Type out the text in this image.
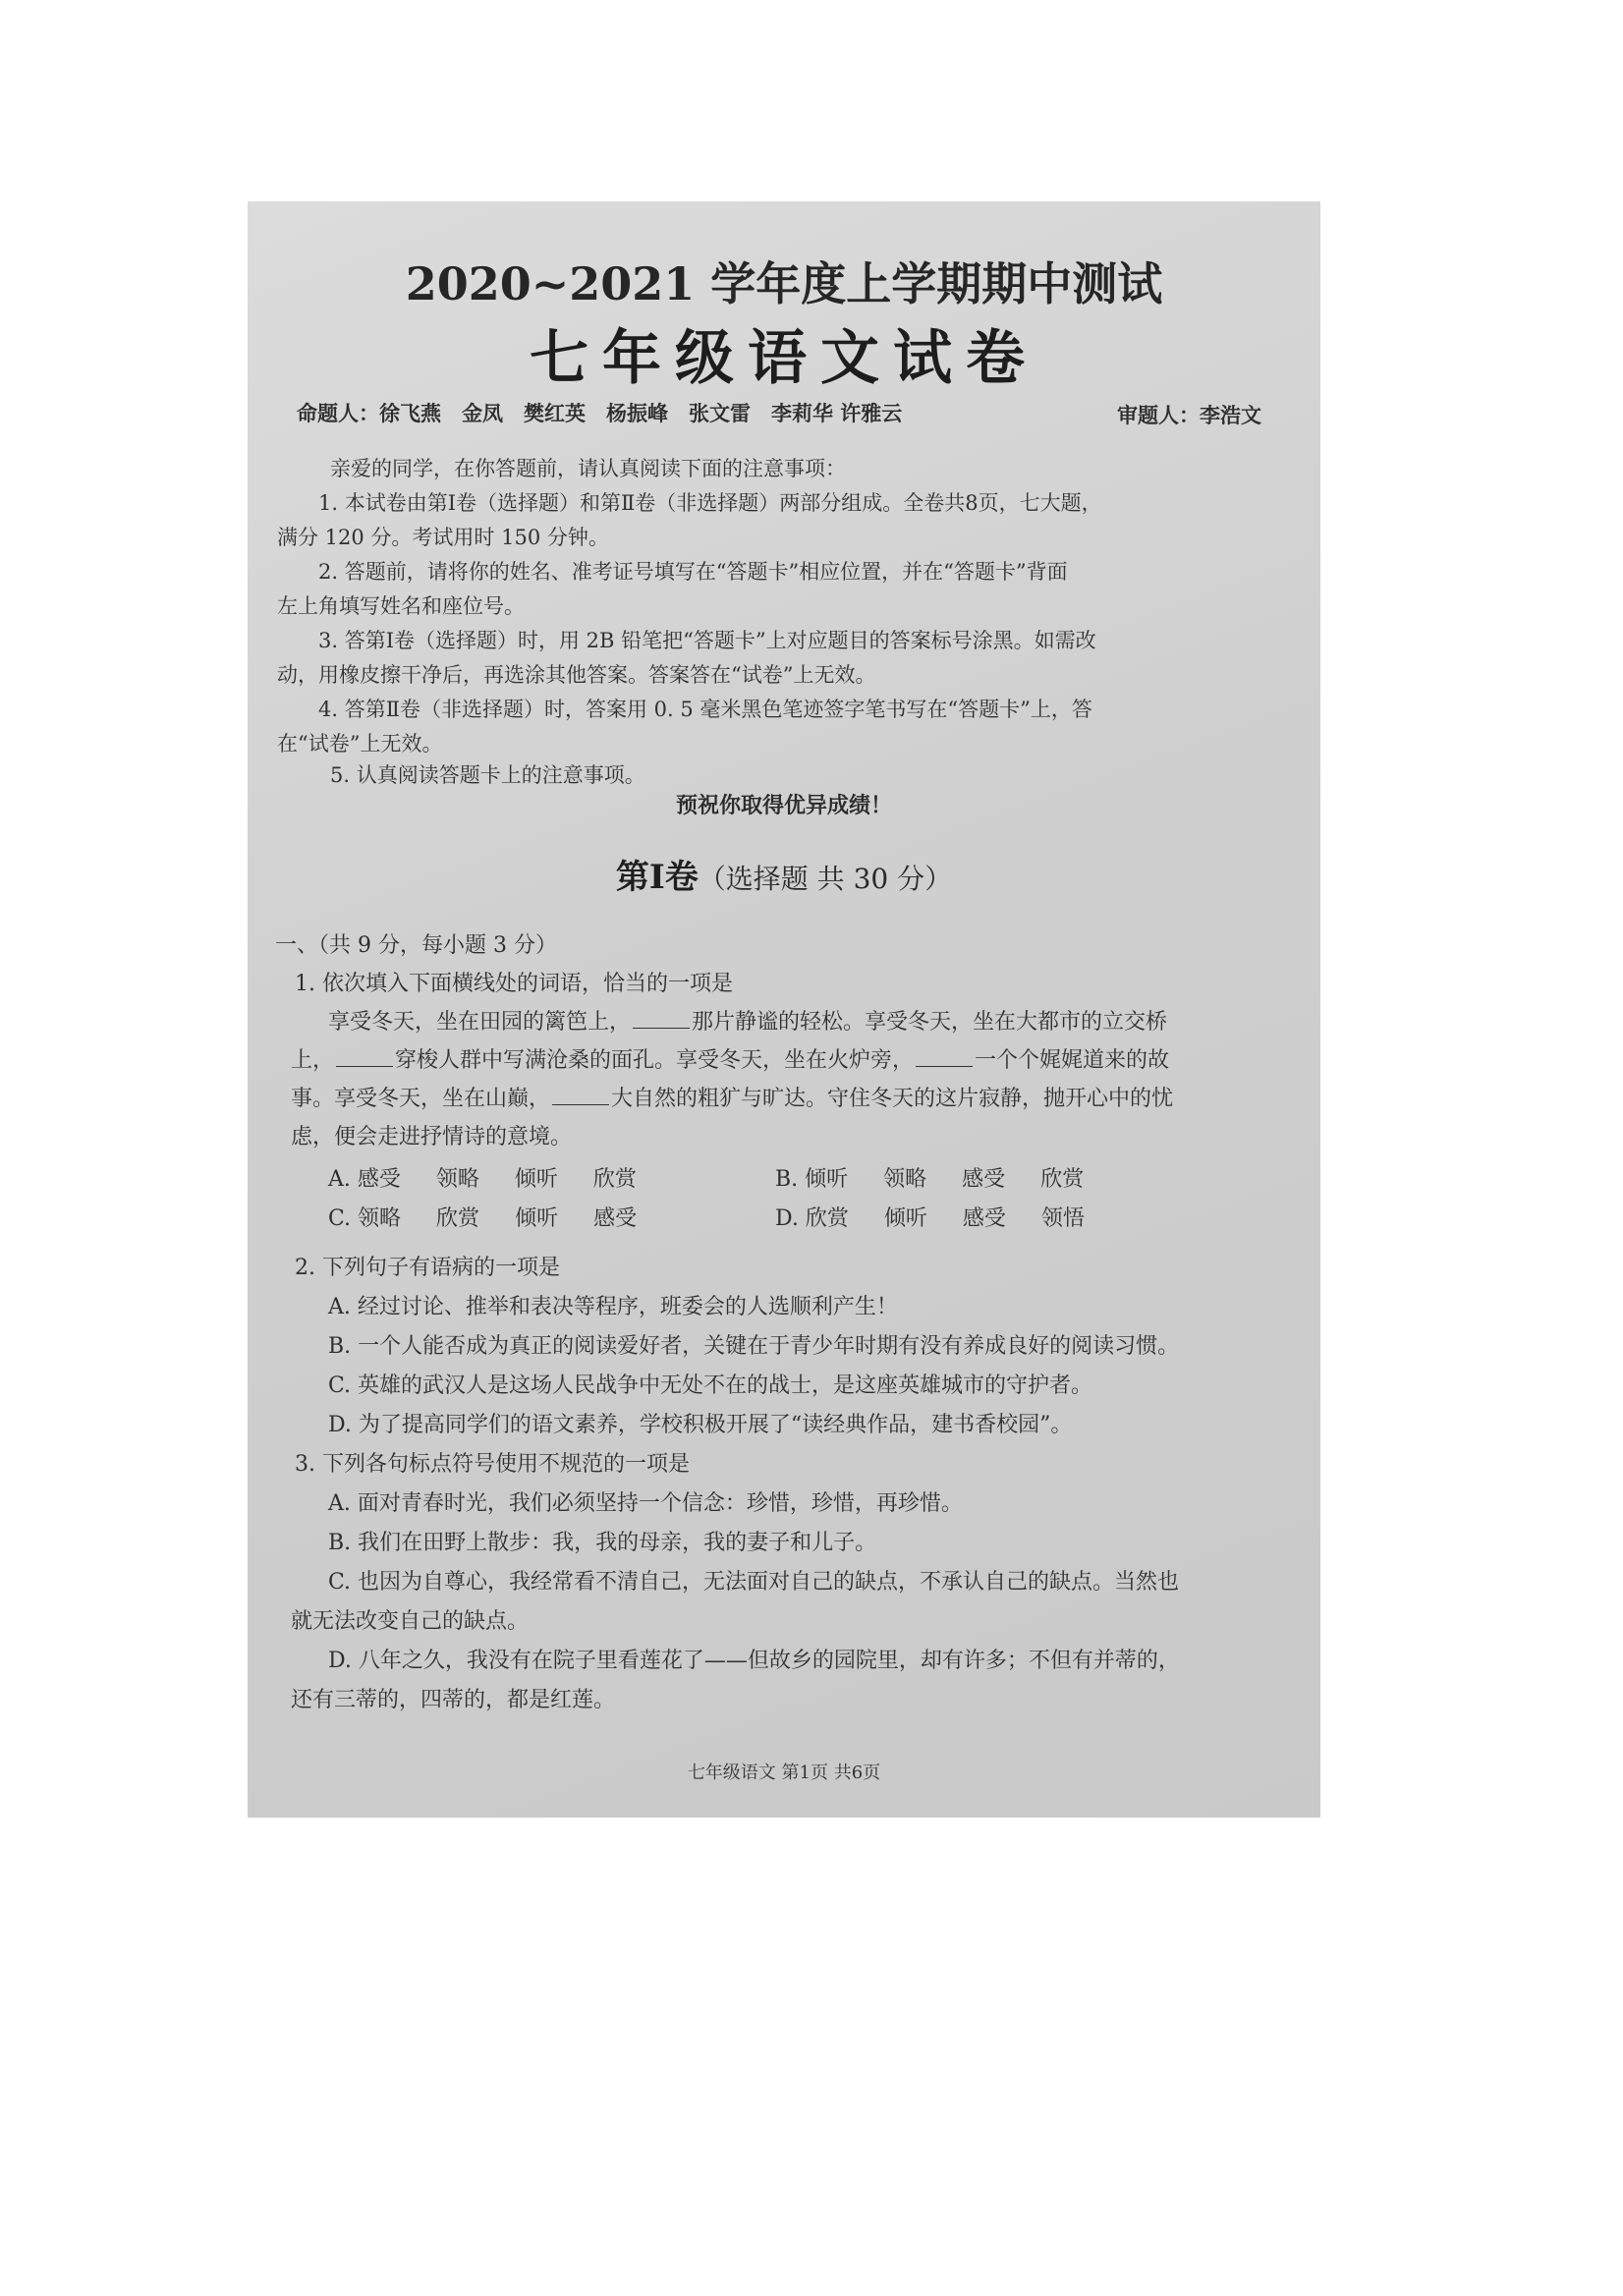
2020~2021 学年度上学期期中测试
七年级语文试卷
命题人：徐飞燕　金凤　樊红英　杨振峰　张文雷　李莉华 许雅云	审题人：李浩文
亲爱的同学，在你答题前，请认真阅读下面的注意事项：
1. 本试卷由第Ⅰ卷（选择题）和第Ⅱ卷（非选择题）两部分组成。全卷共8页，七大题，
满分 120 分。考试用时 150 分钟。
2. 答题前，请将你的姓名、准考证号填写在“答题卡”相应位置，并在“答题卡”背面
左上角填写姓名和座位号。
3. 答第Ⅰ卷（选择题）时，用 2B 铅笔把“答题卡”上对应题目的答案标号涂黑。如需改
动，用橡皮擦干净后，再选涂其他答案。答案答在“试卷”上无效。
4. 答第Ⅱ卷（非选择题）时，答案用 0. 5 毫米黑色笔迹签字笔书写在“答题卡”上，答
在“试卷”上无效。
5. 认真阅读答题卡上的注意事项。
预祝你取得优异成绩！
第Ⅰ卷（选择题 共 30 分）
一、（共 9 分，每小题 3 分）
1. 依次填入下面横线处的词语，恰当的一项是
享受冬天，坐在田园的篱笆上，	那片静谧的轻松。享受冬天，坐在大都市的立交桥
上，	穿梭人群中写满沧桑的面孔。享受冬天，坐在火炉旁，	一个个娓娓道来的故
事。享受冬天，坐在山巅，	大自然的粗犷与旷达。守住冬天的这片寂静，抛开心中的忧
虑，便会走进抒情诗的意境。
A. 感受 领略 倾听 欣赏	B. 倾听 领略 感受 欣赏
C. 领略 欣赏 倾听 感受	D. 欣赏 倾听 感受 领悟
2. 下列句子有语病的一项是
A. 经过讨论、推举和表决等程序，班委会的人选顺利产生！
B. 一个人能否成为真正的阅读爱好者，关键在于青少年时期有没有养成良好的阅读习惯。
C. 英雄的武汉人是这场人民战争中无处不在的战士，是这座英雄城市的守护者。
D. 为了提高同学们的语文素养，学校积极开展了“读经典作品，建书香校园”。
3. 下列各句标点符号使用不规范的一项是
A. 面对青春时光，我们必须坚持一个信念：珍惜，珍惜，再珍惜。
B. 我们在田野上散步：我，我的母亲，我的妻子和儿子。
C. 也因为自尊心，我经常看不清自己，无法面对自己的缺点，不承认自己的缺点。当然也
就无法改变自己的缺点。
D. 八年之久，我没有在院子里看莲花了——但故乡的园院里，却有许多；不但有并蒂的，
还有三蒂的，四蒂的，都是红莲。
七年级语文 第1页 共6页
